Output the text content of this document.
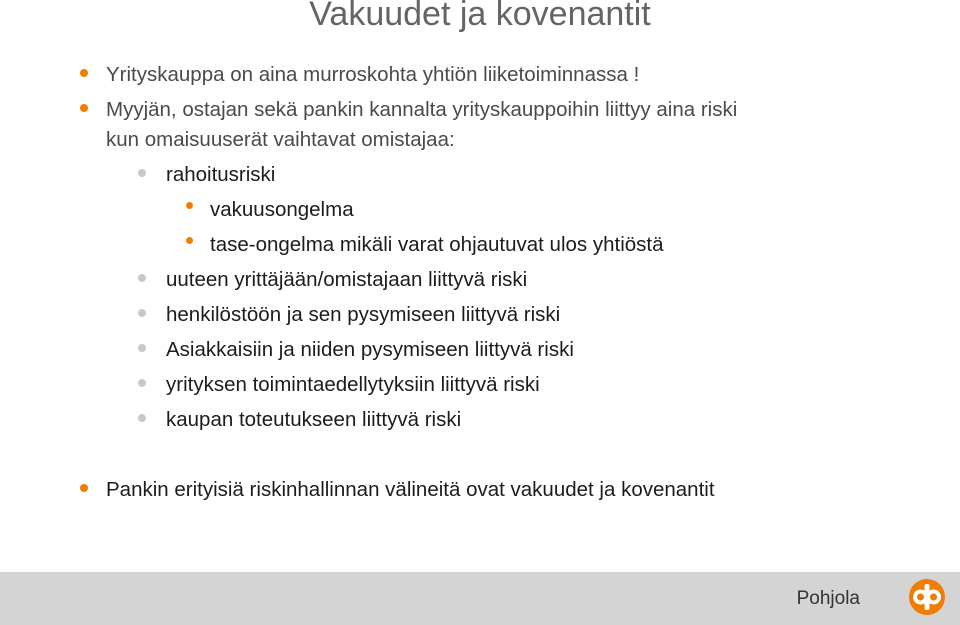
Vakuudet ja kovenantit
Yrityskauppa on aina murroskohta yhtiön liiketoiminnassa !
Myyjän, ostajan sekä pankin kannalta yrityskauppoihin liittyy aina riski
kun omaisuuserät vaihtavat omistajaa:
rahoitusriski
vakuusongelma
tase-ongelma mikäli varat ohjautuvat ulos yhtiöstä
uuteen yrittäjään/omistajaan liittyvä riski
henkilöstöön ja sen pysymiseen liittyvä riski
Asiakkaisiin ja niiden pysymiseen liittyvä riski
yrityksen toimintaedellytyksiin liittyvä riski
kaupan toteutukseen liittyvä riski
Pankin erityisiä riskinhallinnan välineitä ovat vakuudet ja kovenantit
Pohjola
